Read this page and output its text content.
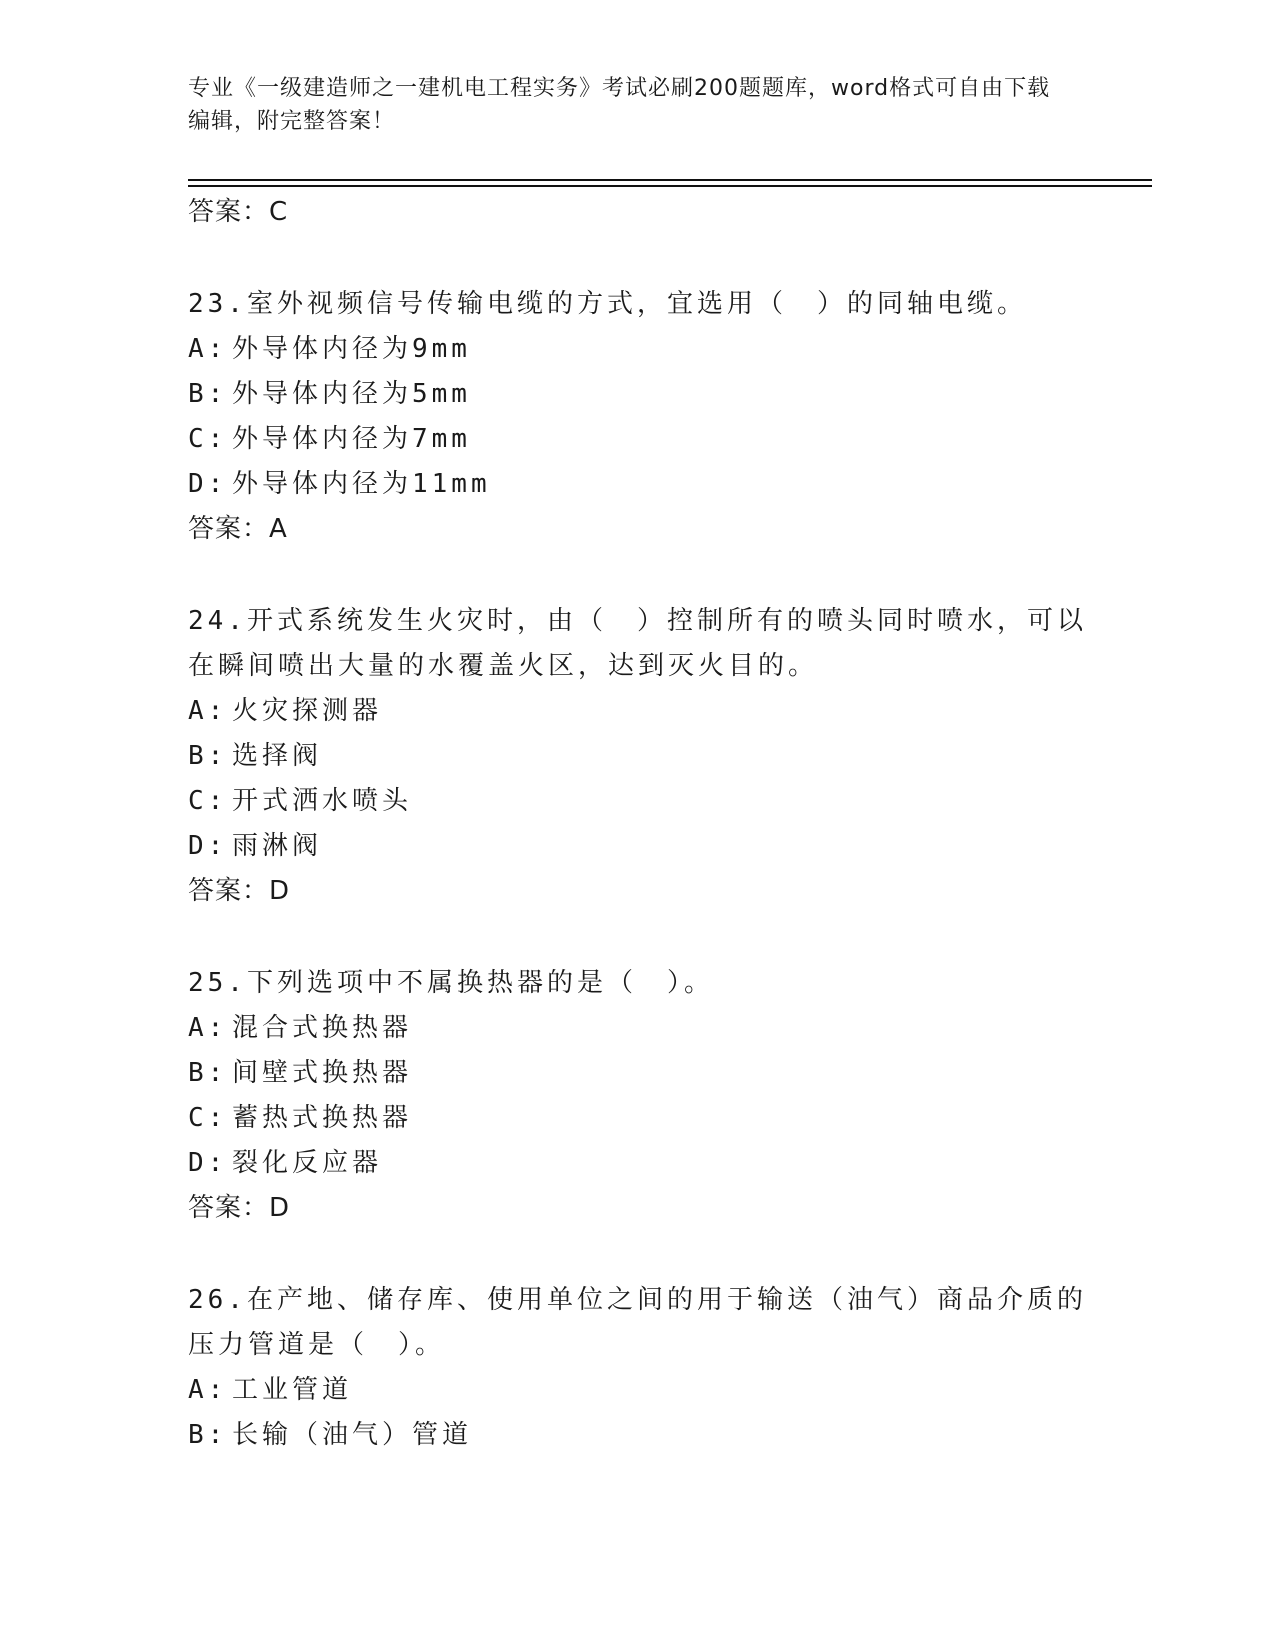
专业《一级建造师之一建机电工程实务》考试必刷200题题库，word格式可自由下载编辑，附完整答案！
答案：C
23.室外视频信号传输电缆的方式，宜选用（　）的同轴电缆。
A: 外导体内径为9mm
B: 外导体内径为5mm
C: 外导体内径为7mm
D: 外导体内径为11mm
答案：A
24.开式系统发生火灾时，由（　）控制所有的喷头同时喷水，可以在瞬间喷出大量的水覆盖火区，达到灭火目的。
A: 火灾探测器
B: 选择阀
C: 开式洒水喷头
D: 雨淋阀
答案：D
25.下列选项中不属换热器的是（　）。
A: 混合式换热器
B: 间壁式换热器
C: 蓄热式换热器
D: 裂化反应器
答案：D
26.在产地、储存库、使用单位之间的用于输送（油气）商品介质的压力管道是（　）。
A: 工业管道
B: 长输（油气）管道
